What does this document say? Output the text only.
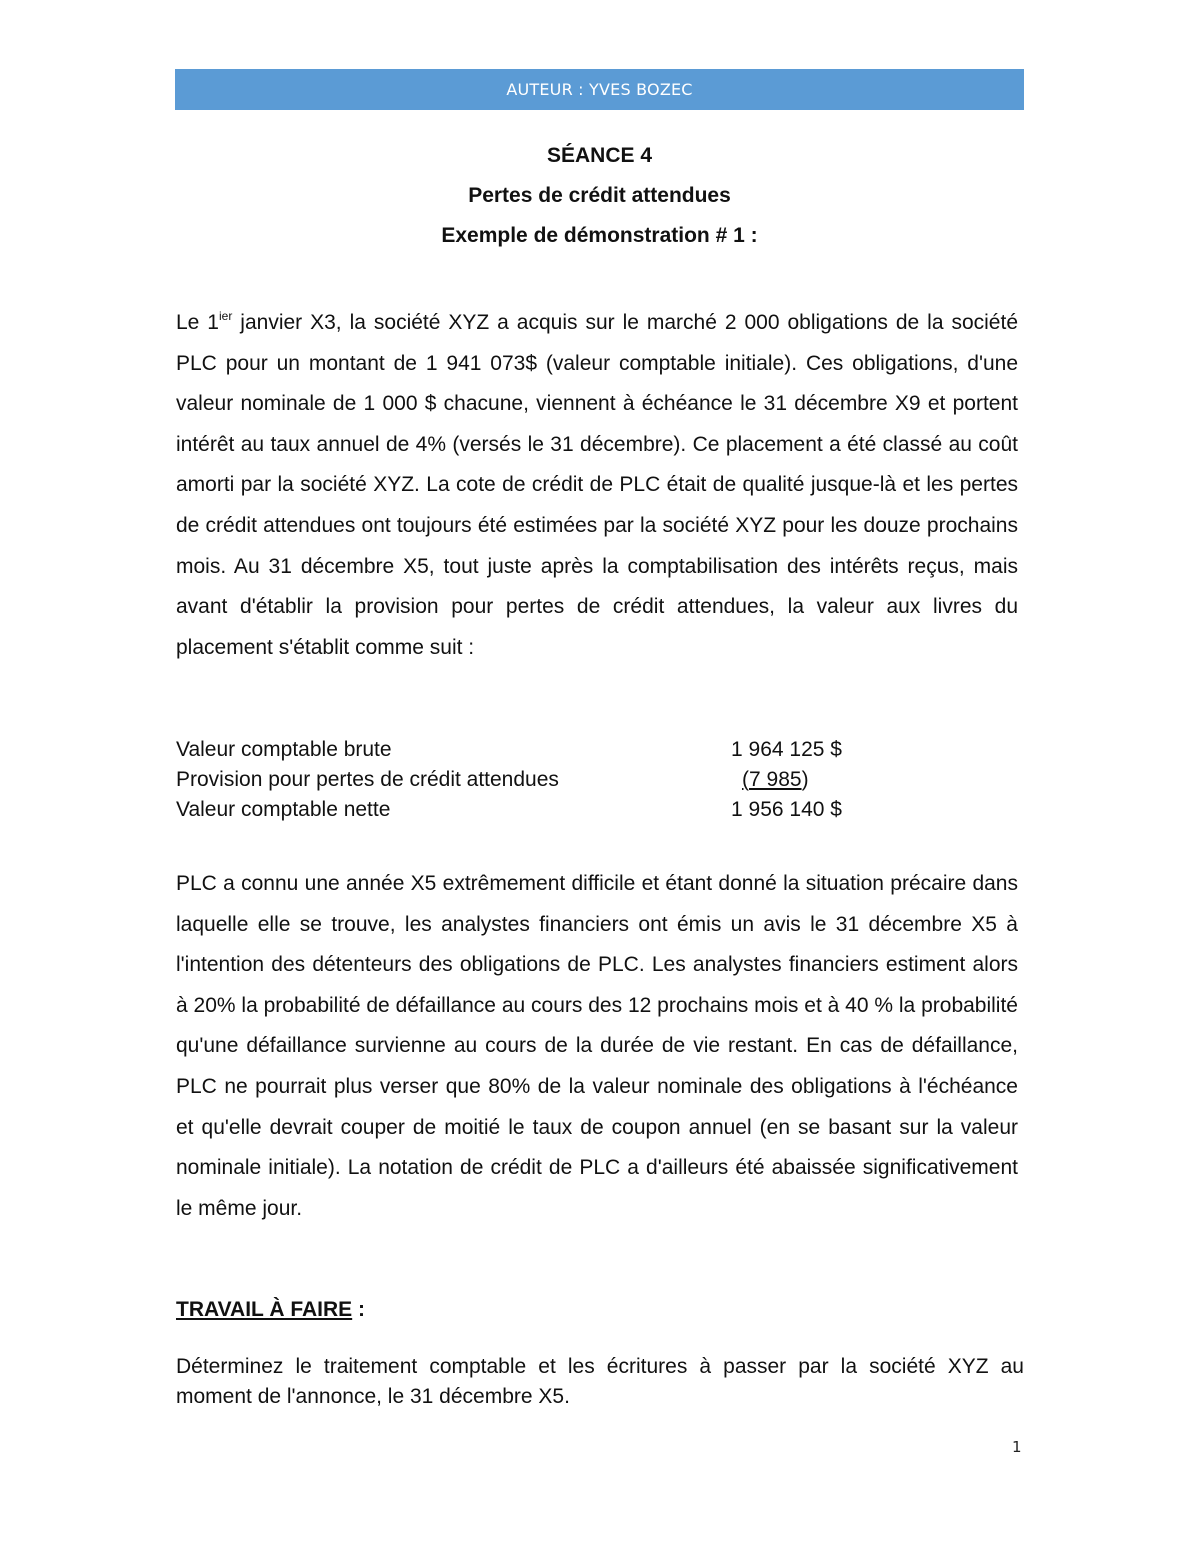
AUTEUR : YVES BOZEC
SÉANCE 4
Pertes de crédit attendues
Exemple de démonstration # 1 :

Le $1^{ier}$ janvier X3, la société XYZ a acquis sur le marché 2 000 obligations de la société PLC pour un montant de 1 941 073$ (valeur comptable initiale). Ces obligations, d'une valeur nominale de 1 000 $ chacune, viennent à échéance le 31 décembre X9 et portent intérêt au taux annuel de 4% (versés le 31 décembre). Ce placement a été classé au coût amorti par la société XYZ. La cote de crédit de PLC était de qualité jusque-là et les pertes de crédit attendues ont toujours été estimées par la société XYZ pour les douze prochains mois. Au 31 décembre X5, tout juste après la comptabilisation des intérêts reçus, mais avant d'établir la provision pour pertes de crédit attendues, la valeur aux livres du placement s'établit comme suit :

Valeur comptable brute	1 964 125 $
Provision pour pertes de crédit attendues	(7 985)
Valeur comptable nette	1 956 140 $

PLC a connu une année X5 extrêmement difficile et étant donné la situation précaire dans laquelle elle se trouve, les analystes financiers ont émis un avis le 31 décembre X5 à l'intention des détenteurs des obligations de PLC. Les analystes financiers estiment alors à 20% la probabilité de défaillance au cours des 12 prochains mois et à 40 % la probabilité qu'une défaillance survienne au cours de la durée de vie restant. En cas de défaillance, PLC ne pourrait plus verser que 80% de la valeur nominale des obligations à l'échéance et qu'elle devrait couper de moitié le taux de coupon annuel (en se basant sur la valeur nominale initiale). La notation de crédit de PLC a d'ailleurs été abaissée significativement le même jour.

TRAVAIL À FAIRE :

Déterminez le traitement comptable et les écritures à passer par la société XYZ au moment de l'annonce, le 31 décembre X5.

1
